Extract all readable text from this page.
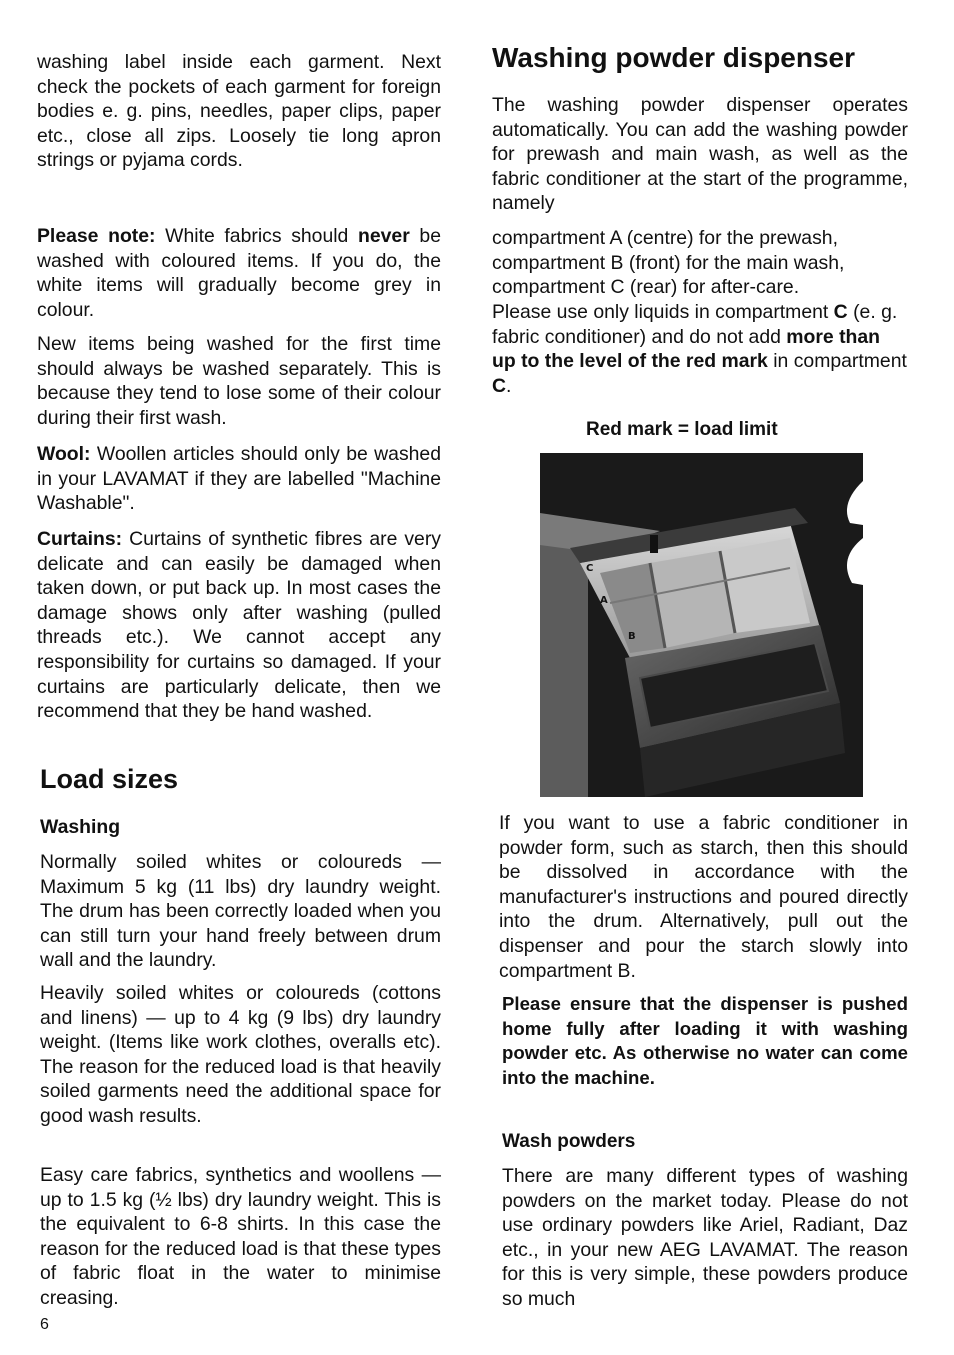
washing label inside each garment. Next check the pockets of each garment for foreign bodies e. g. pins, needles, paper clips, paper etc., close all zips. Loosely tie long apron strings or pyjama cords.

Please note: White fabrics should never be washed with coloured items. If you do, the white items will gradually become grey in colour.

New items being washed for the first time should always be washed separately. This is because they tend to lose some of their colour during their first wash.

Wool: Woollen articles should only be washed in your LAVAMAT if they are labelled "Machine Washable".

Curtains: Curtains of synthetic fibres are very delicate and can easily be damaged when taken down, or put back up. In most cases the damage shows only after washing (pulled threads etc.). We cannot accept any responsibility for curtains so damaged. If your curtains are particularly delicate, then we recommend that they be hand washed.

Load sizes
Washing

Normally soiled whites or coloureds — Maximum 5 kg (11 lbs) dry laundry weight. The drum has been correctly loaded when you can still turn your hand freely between drum wall and the laundry.

Heavily soiled whites or coloureds (cottons and linens) — up to 4 kg (9 lbs) dry laundry weight. (Items like work clothes, overalls etc). The reason for the reduced load is that heavily soiled garments need the additional space for good wash results.

Easy care fabrics, synthetics and woollens — up to 1.5 kg (½ lbs) dry laundry weight. This is the equivalent to 6-8 shirts. In this case the reason for the reduced load is that these types of fabric float in the water to minimise creasing.

6
Washing powder dispenser

The washing powder dispenser operates automatically. You can add the washing powder for prewash and main wash, as well as the fabric conditioner at the start of the programme, namely

compartment A (centre) for the prewash,

compartment B (front) for the main wash,

compartment C (rear) for after-care.

Please use only liquids in compartment C (e. g. fabric conditioner) and do not add more than up to the level of the red mark in compartment C.

Red mark = load limit
C
A
B

If you want to use a fabric conditioner in powder form, such as starch, then this should be dissolved in accordance with the manufacturer's instructions and poured directly into the drum. Alternatively, pull out the dispenser and pour the starch slowly into compartment B.

Please ensure that the dispenser is pushed home fully after loading it with washing powder etc. As otherwise no water can come into the machine.

Wash powders

There are many different types of washing powders on the market today. Please do not use ordinary powders like Ariel, Radiant, Daz etc., in your new AEG LAVAMAT. The reason for this is very simple, these powders produce so much
